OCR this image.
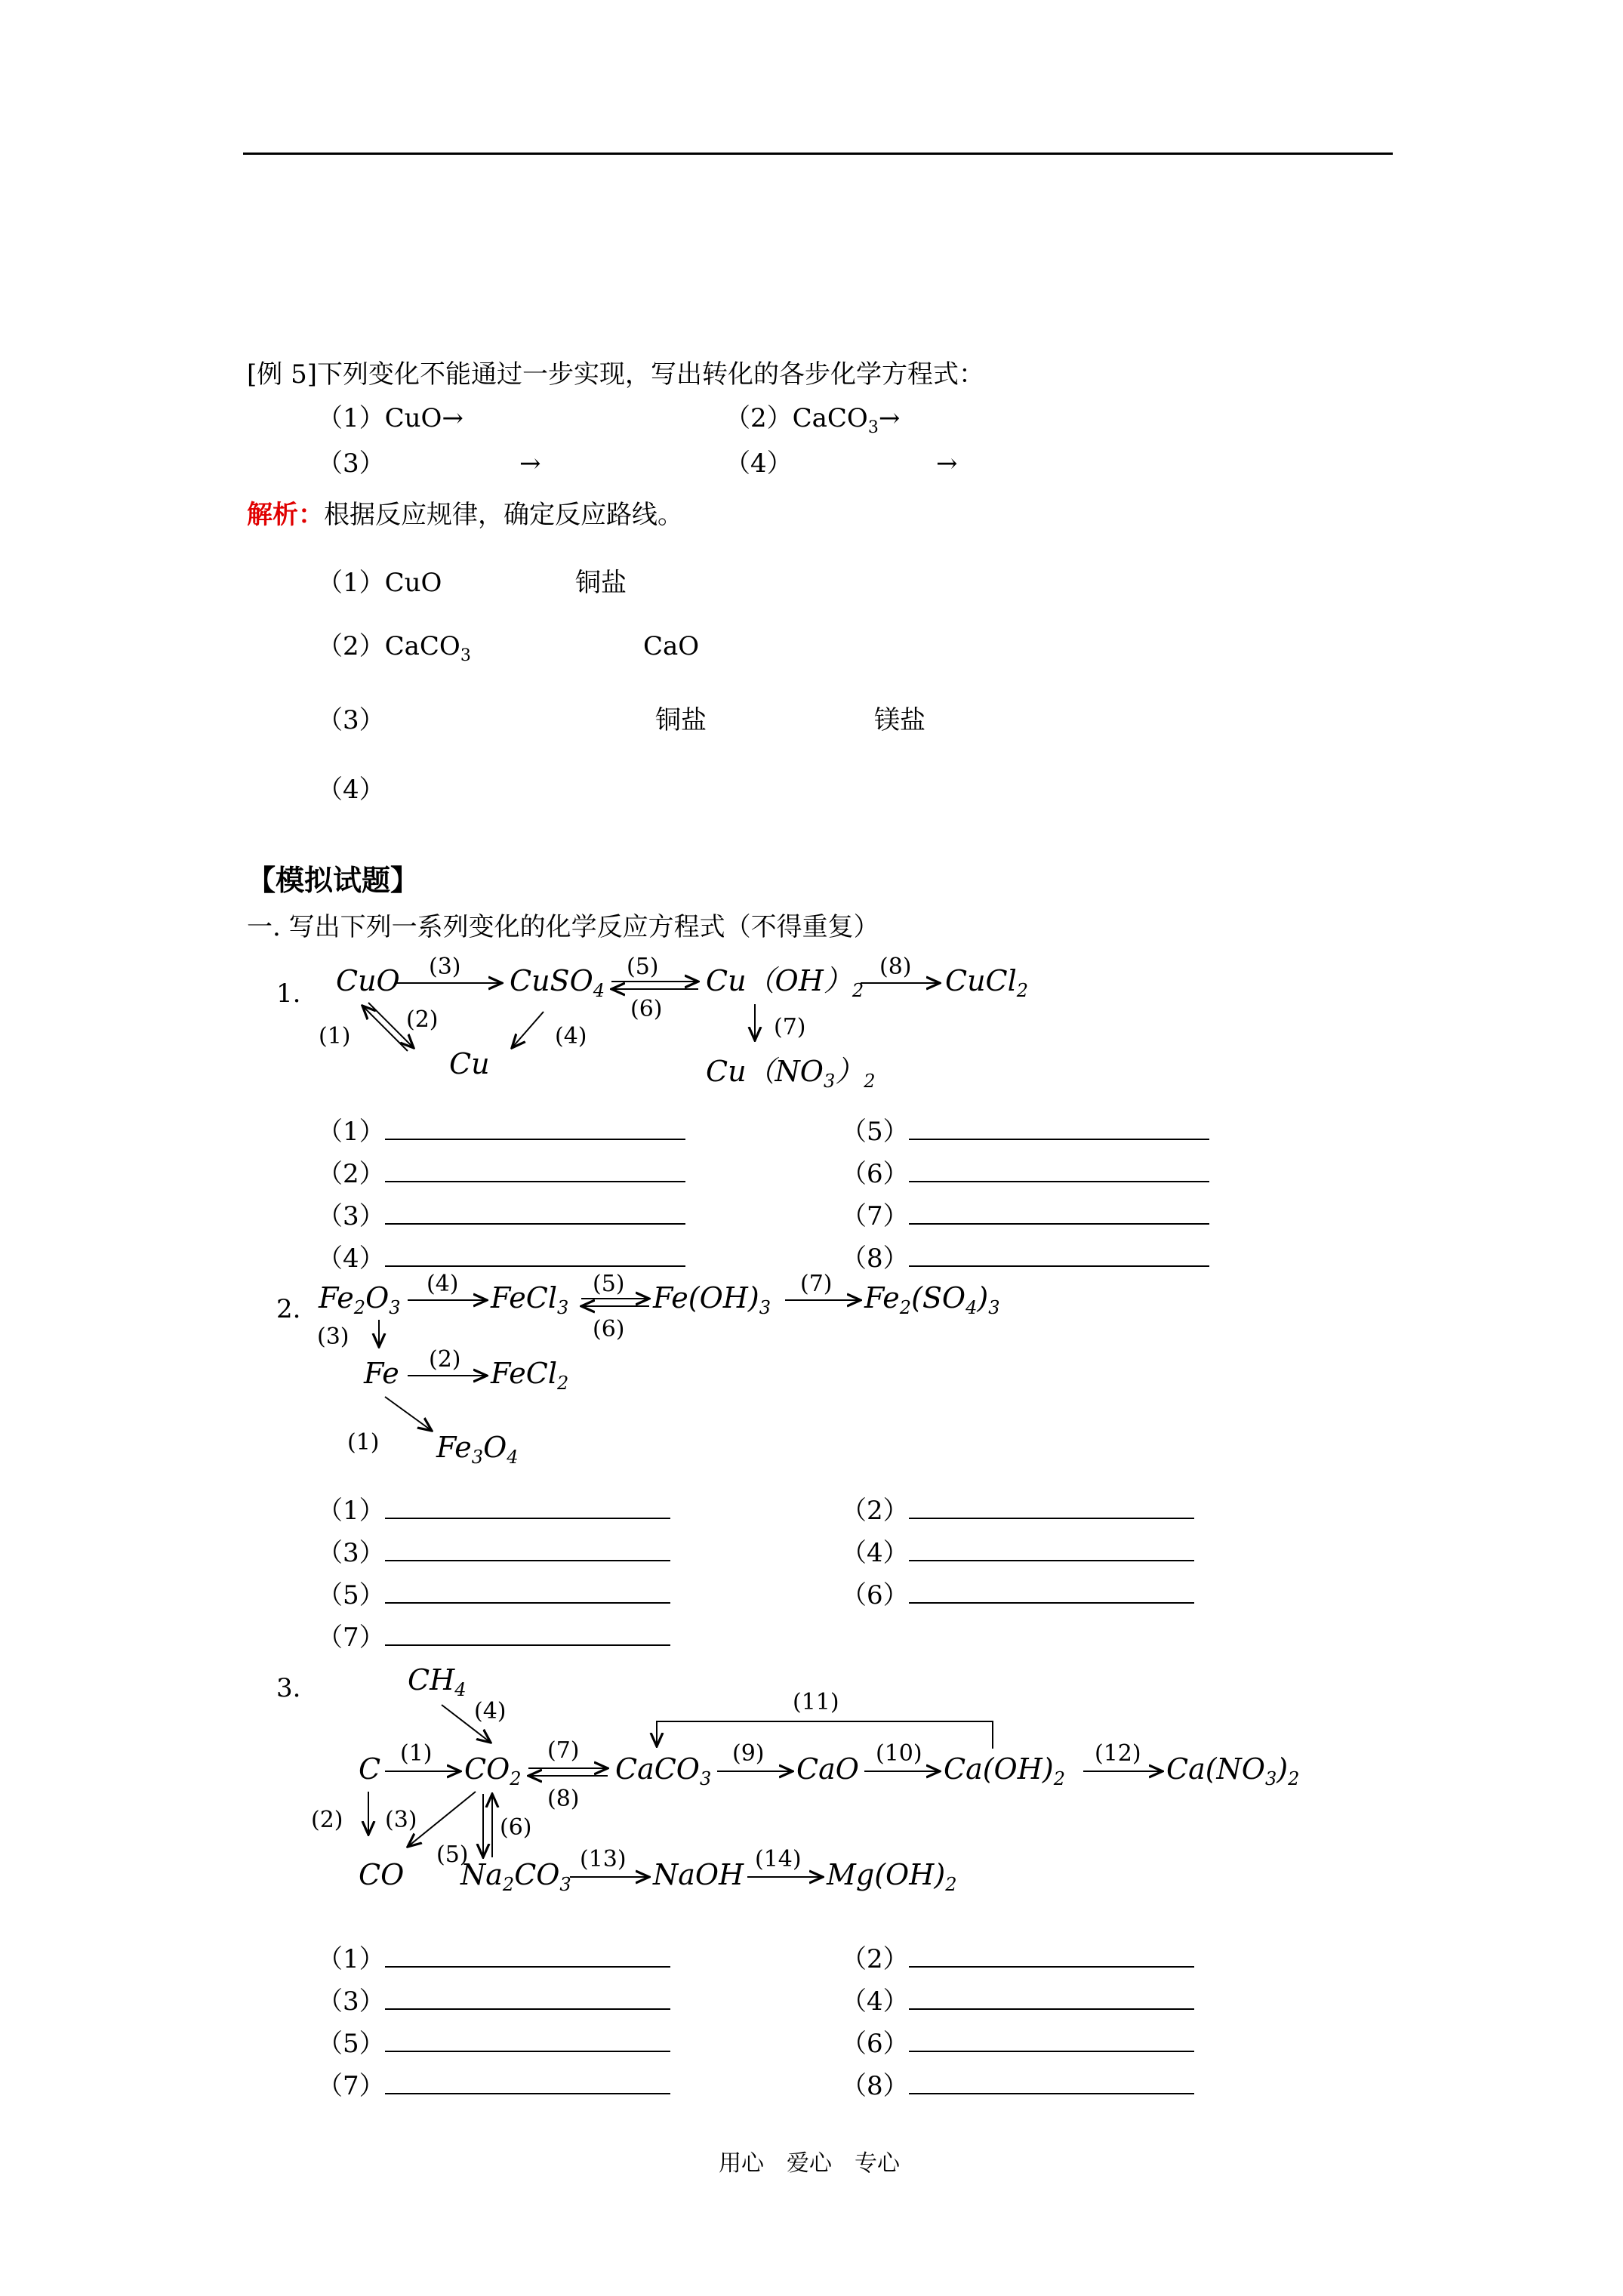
[例 5]下列变化不能通过一步实现，写出转化的各步化学方程式：
（1）CuO→	（2）CaCO$_3$→
（3）	→	（4）	→
解析：根据反应规律，确定反应路线。
（1）CuO	铜盐
（2）CaCO$_3$	CaO
（3）	铜盐	镁盐
（4）
【模拟试题】
一. 写出下列一系列变化的化学反应方程式（不得重复）
1. CuO (3) CuSO$_4$
(5)
(6)
$Cu(OH)_2$
(8) CuCl$_2$
(1)
(2)
Cu
(4)	(7)
$Cu(NO_3)_2$
（1）	（5）
（2）	（6）
（3）	（7）
（4）	（8）
2. $Fe_2O_3$
(4) FeCl$_3$
(5)
(6)
$Fe(OH)_3$
(7) $Fe_2(SO_4)_3$
(3)
Fe (2) FeCl$_2$
(1) $Fe_3O_4$
（1）	（2）
（3）	（4）
（5）	（6）
（7）
3.	$CH_4$
(4)
C (1) $CO_2$
(7)
(8)
CaCO$_3$
(9) CaO (10) $Ca(OH)_2$
(12) $Ca(NO_3)_2$
(11)
(2) (3)
CO
(5)
(6)
$Na_2CO_3$
(13) NaOH (14) $Mg(OH)_2$
（1）	（2）
（3）	（4）
（5）	（6）
（7）	（8）
用心　爱心　专心
